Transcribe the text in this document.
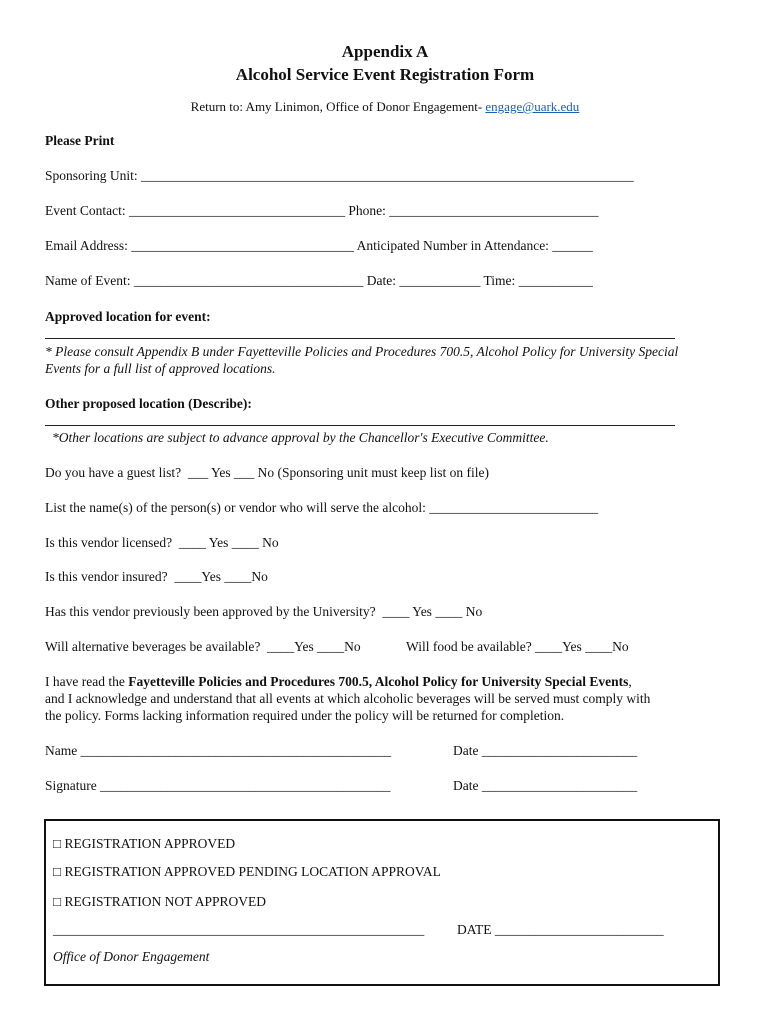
Appendix A
Alcohol Service Event Registration Form
Return to: Amy Linimon, Office of Donor Engagement- engage@uark.edu
Please Print
Sponsoring Unit: _________________________________________________________________________
Event Contact: ________________________________ Phone: _______________________________
Email Address: _________________________________ Anticipated Number in Attendance: ______
Name of Event: __________________________________ Date: ____________ Time: ___________
Approved location for event:
* Please consult Appendix B under Fayetteville Policies and Procedures 700.5, Alcohol Policy for University Special
Events for a full list of approved locations.
Other proposed location (Describe):
*Other locations are subject to advance approval by the Chancellor's Executive Committee.
Do you have a guest list?  ___ Yes ___ No (Sponsoring unit must keep list on file)
List the name(s) of the person(s) or vendor who will serve the alcohol: _________________________
Is this vendor licensed?  ____ Yes ____ No
Is this vendor insured?  ____Yes ____No
Has this vendor previously been approved by the University?  ____ Yes ____ No
Will alternative beverages be available?  ____Yes ____No	Will food be available? ____Yes ____No
I have read the Fayetteville Policies and Procedures 700.5, Alcohol Policy for University Special Events,
and I acknowledge and understand that all events at which alcoholic beverages will be served must comply with
the policy. Forms lacking information required under the policy will be returned for completion.
Name ______________________________________________	Date _______________________
Signature ___________________________________________	Date _______________________
□ REGISTRATION APPROVED
□ REGISTRATION APPROVED PENDING LOCATION APPROVAL
□ REGISTRATION NOT APPROVED
_______________________________________________________ DATE _________________________
Office of Donor Engagement
